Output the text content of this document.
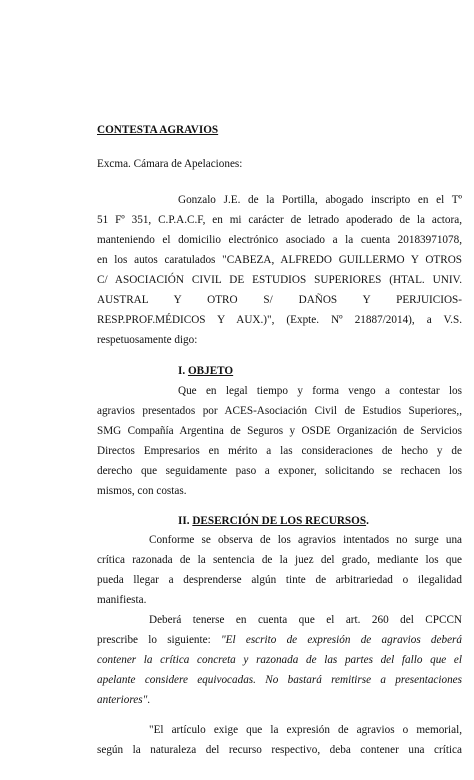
CONTESTA AGRAVIOS
Excma. Cámara de Apelaciones:
Gonzalo J.E. de la Portilla, abogado inscripto en el Tº
51 Fº 351, C.P.A.C.F, en mi carácter de letrado apoderado de la actora,
manteniendo el domicilio electrónico asociado a la cuenta 20183971078,
en los autos caratulados "CABEZA, ALFREDO GUILLERMO Y OTROS
C/ ASOCIACIÓN CIVIL DE ESTUDIOS SUPERIORES (HTAL. UNIV.
AUSTRAL Y OTRO S/ DAÑOS Y PERJUICIOS-
RESP.PROF.MÉDICOS Y AUX.)", (Expte. Nº 21887/2014), a V.S.
respetuosamente digo:
I. OBJETO
Que en legal tiempo y forma vengo a contestar los
agravios presentados por ACES-Asociación Civil de Estudios Superiores,,
SMG Compañía Argentina de Seguros y OSDE Organización de Servicios
Directos Empresarios en mérito a las consideraciones de hecho y de
derecho que seguidamente paso a exponer, solicitando se rechacen los
mismos, con costas.
II. DESERCIÓN DE LOS RECURSOS.
Conforme se observa de los agravios intentados no surge una
crítica razonada de la sentencia de la juez del grado, mediante los que
pueda llegar a desprenderse algún tinte de arbitrariedad o ilegalidad
manifiesta.
Deberá tenerse en cuenta que el art. 260 del CPCCN
prescribe lo siguiente: "El escrito de expresión de agravios deberá
contener la crítica concreta y razonada de las partes del fallo que el
apelante considere equivocadas. No bastará remitirse a presentaciones
anteriores".
"El artículo exige que la expresión de agravios o memorial,
según la naturaleza del recurso respectivo, deba contener una crítica
